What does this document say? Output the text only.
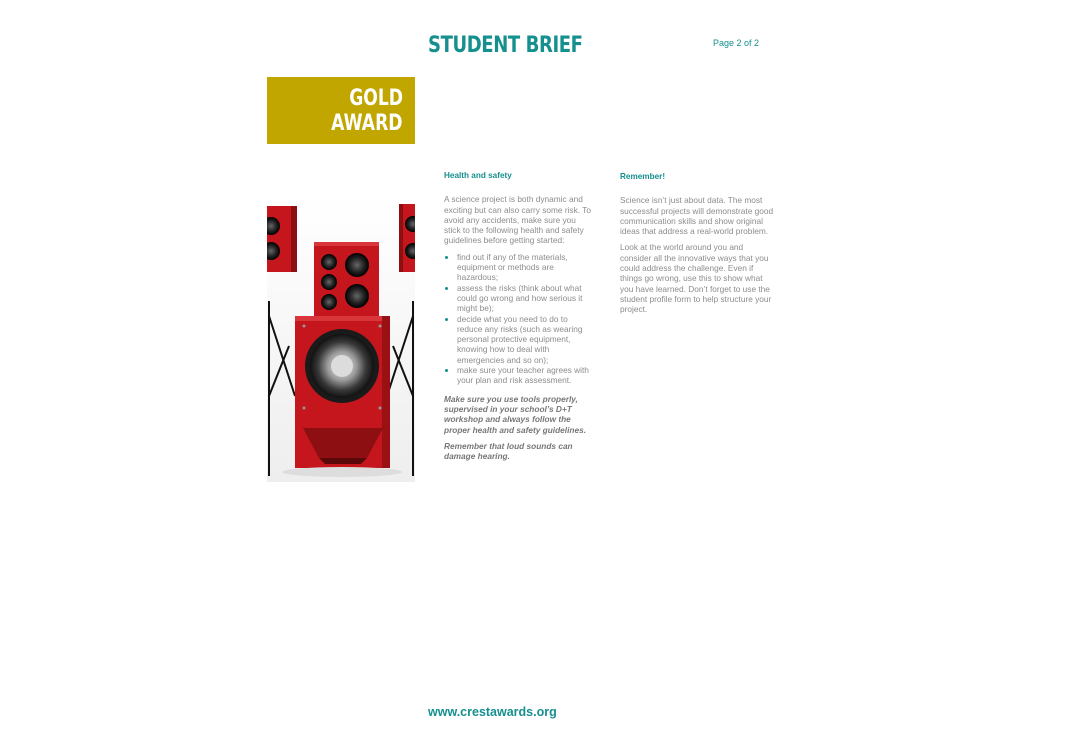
STUDENT BRIEF	Page 2 of 2
GOLD
AWARD
Health and safety

A science project is both dynamic and exciting but can also carry some risk. To avoid any accidents, make sure you stick to the following health and safety guidelines before getting started:

find out if any of the materials, equipment or methods are hazardous;
assess the risks (think about what could go wrong and how serious it might be);
decide what you need to do to reduce any risks (such as wearing personal protective equipment, knowing how to deal with emergencies and so on);
make sure your teacher agrees with your plan and risk assessment.

Make sure you use tools properly, supervised in your school’s D+T workshop and always follow the proper health and safety guidelines.

Remember that loud sounds can damage hearing.

Remember!

Science isn’t just about data. The most successful projects will demonstrate good communication skills and show original ideas that address a real-world problem.

Look at the world around you and consider all the innovative ways that you could address the challenge. Even if things go wrong, use this to show what you have learned. Don’t forget to use the student profile form to help structure your project.

www.crestawards.org
